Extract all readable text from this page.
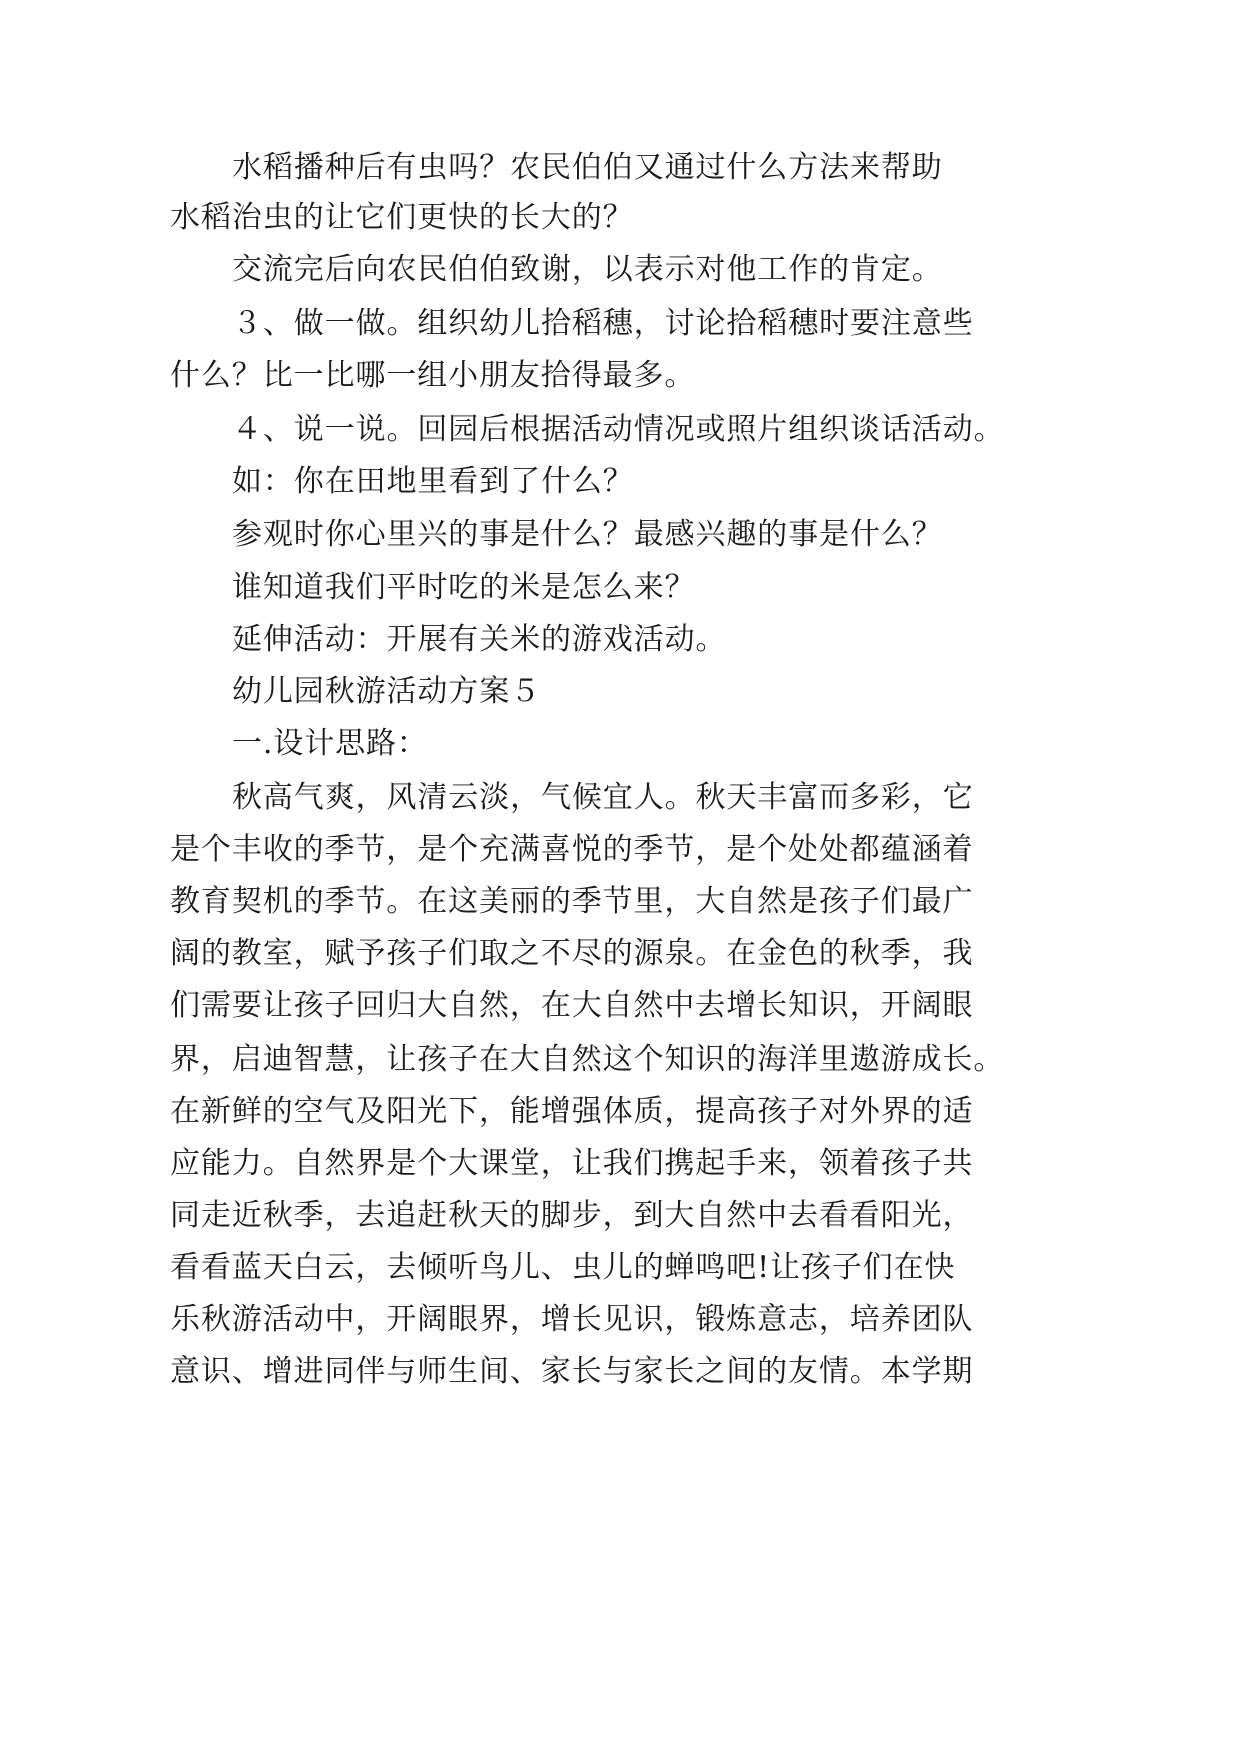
水稻播种后有虫吗？农民伯伯又通过什么方法来帮助

水稻治虫的让它们更快的长大的？

交流完后向农民伯伯致谢，以表示对他工作的肯定。

３、做一做。组织幼儿拾稻穗，讨论拾稻穗时要注意些

什么？比一比哪一组小朋友拾得最多。

４、说一说。回园后根据活动情况或照片组织谈话活动。

如：你在田地里看到了什么？

参观时你心里兴的事是什么？最感兴趣的事是什么？

谁知道我们平时吃的米是怎么来？

延伸活动：开展有关米的游戏活动。

幼儿园秋游活动方案５

一.设计思路：

秋高气爽，风清云淡，气候宜人。秋天丰富而多彩，它

是个丰收的季节，是个充满喜悦的季节，是个处处都蕴涵着

教育契机的季节。在这美丽的季节里，大自然是孩子们最广

阔的教室，赋予孩子们取之不尽的源泉。在金色的秋季，我

们需要让孩子回归大自然，在大自然中去增长知识，开阔眼

界，启迪智慧，让孩子在大自然这个知识的海洋里遨游成长。

在新鲜的空气及阳光下，能增强体质，提高孩子对外界的适

应能力。自然界是个大课堂，让我们携起手来，领着孩子共

同走近秋季，去追赶秋天的脚步，到大自然中去看看阳光，

看看蓝天白云，去倾听鸟儿、虫儿的蝉鸣吧!让孩子们在快

乐秋游活动中，开阔眼界，增长见识，锻炼意志，培养团队

意识、增进同伴与师生间、家长与家长之间的友情。本学期
